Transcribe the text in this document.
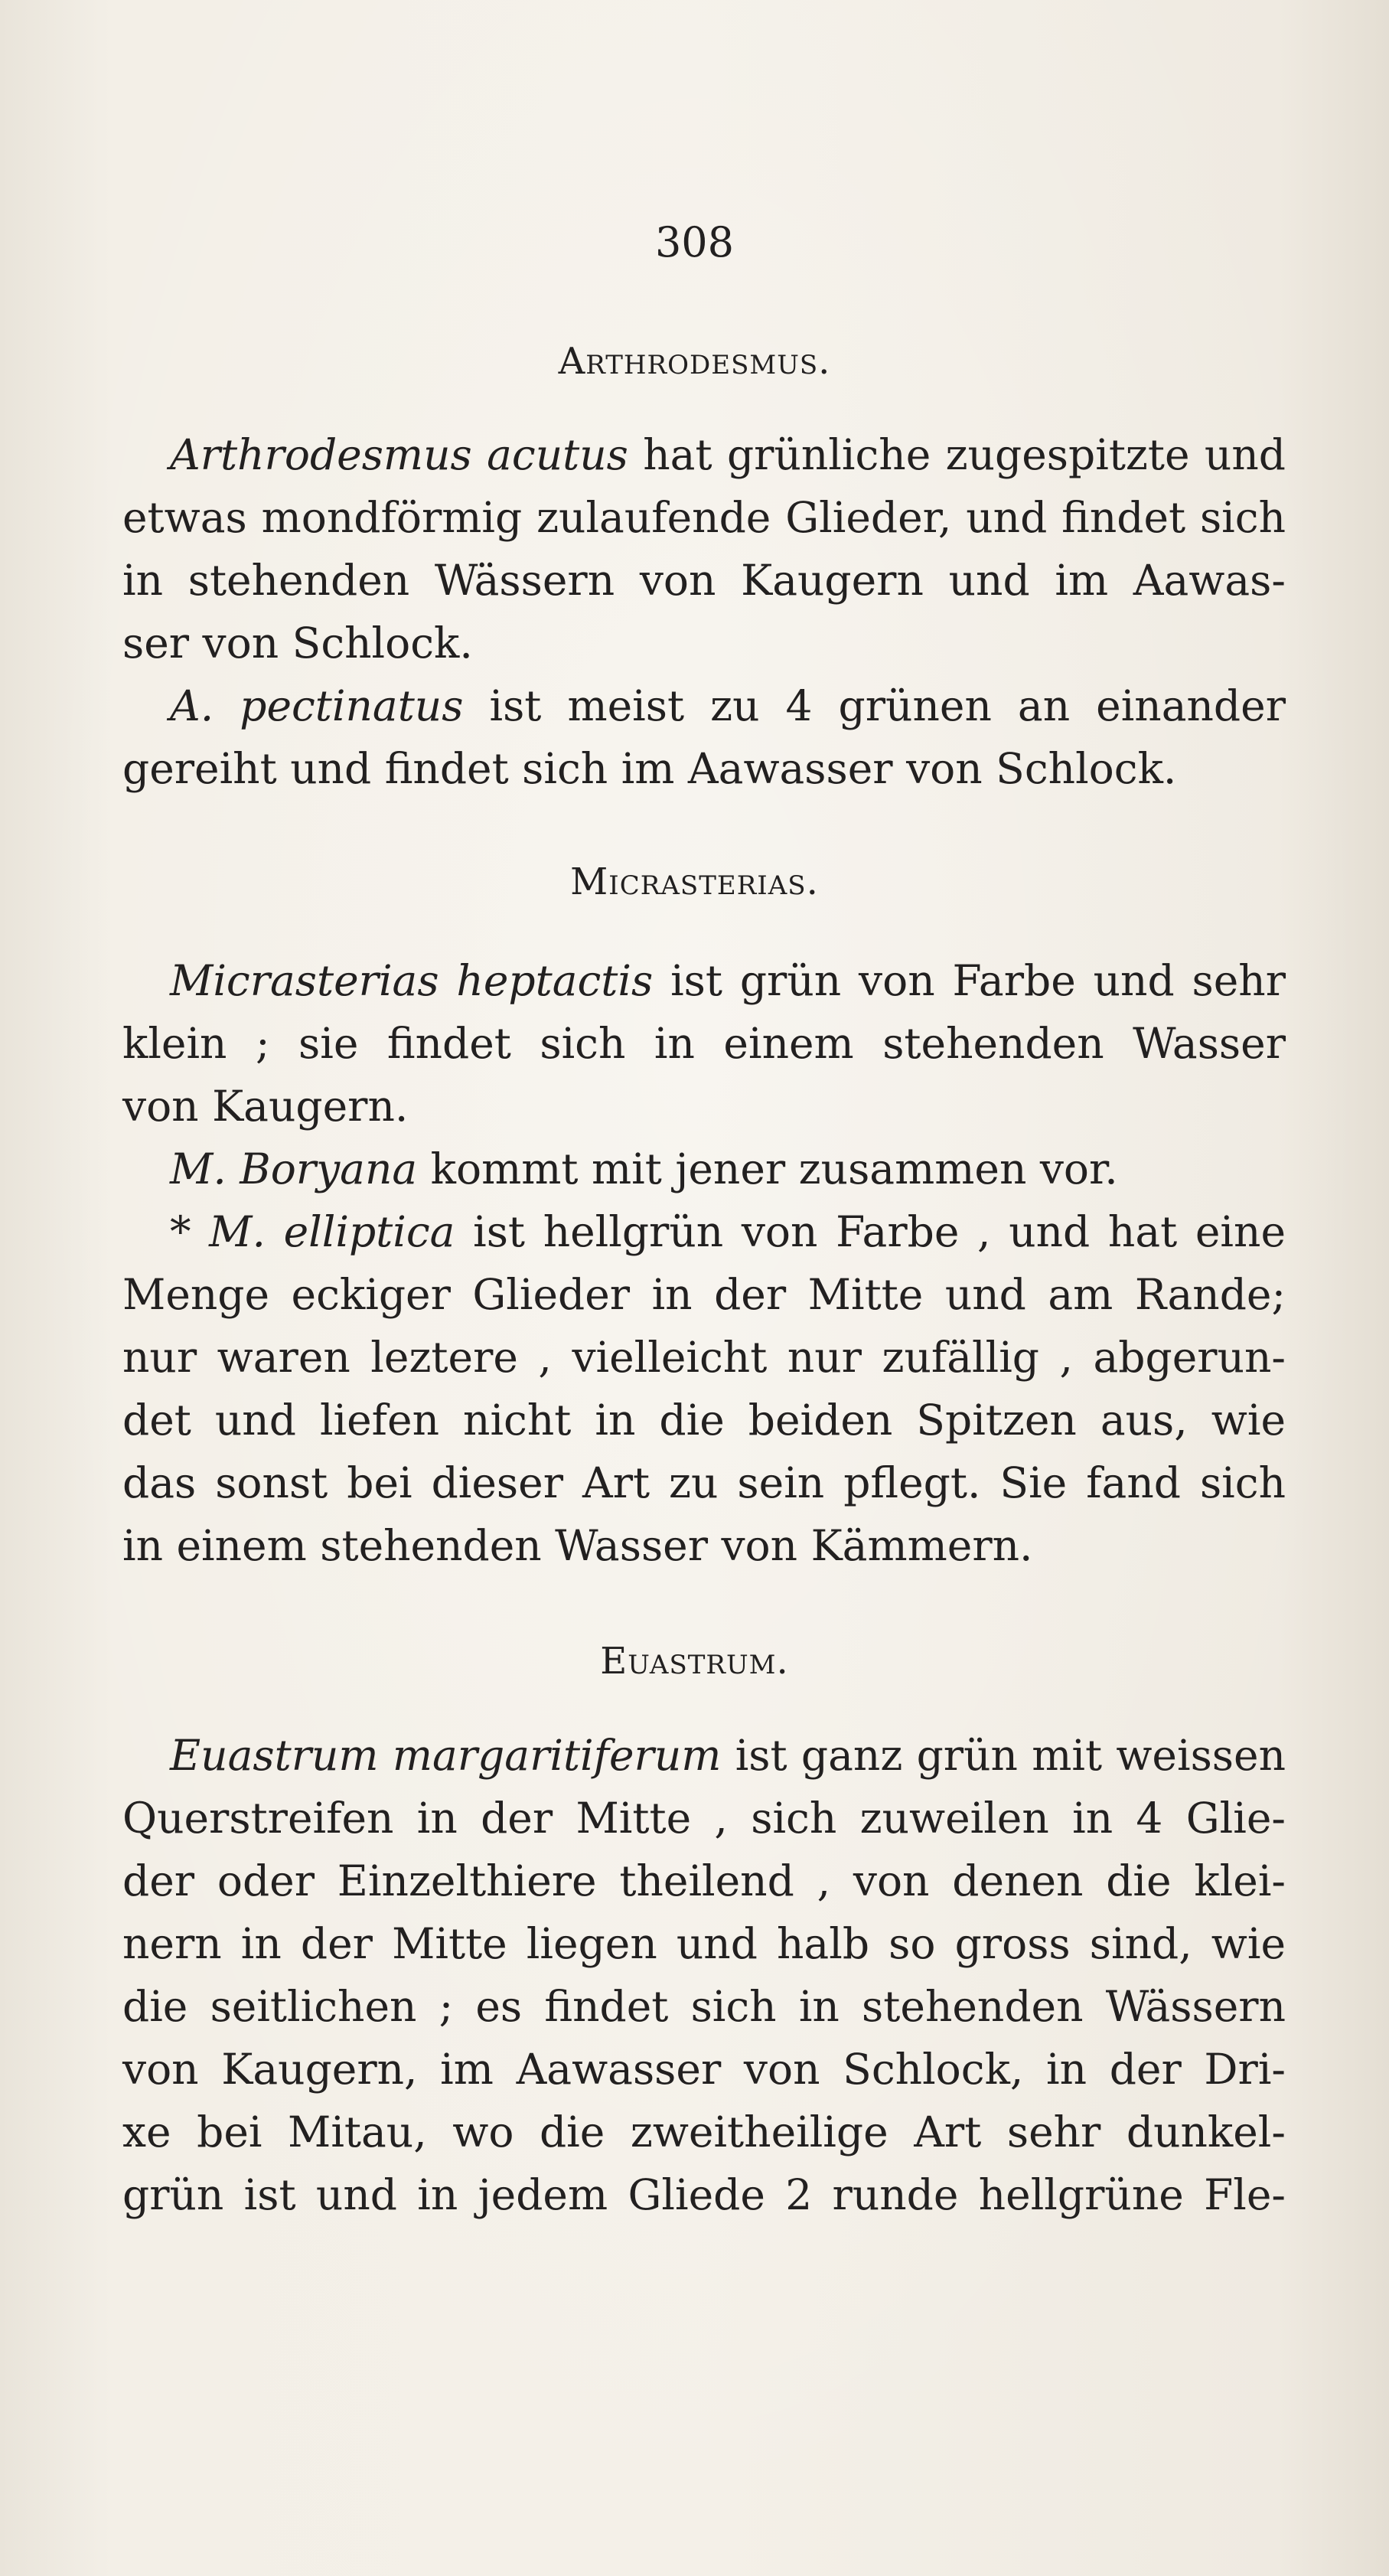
308
Arthrodesmus.
Arthrodesmus acutus hat grünliche zugespitzte und
etwas mondförmig zulaufende Glieder, und findet sich
in stehenden Wässern von Kaugern und im Aawas-
ser von Schlock.
A. pectinatus ist meist zu 4 grünen an einander
gereiht und findet sich im Aawasser von Schlock.
Micrasterias.
Micrasterias heptactis ist grün von Farbe und sehr
klein ; sie findet sich in einem stehenden Wasser
von Kaugern.
M. Boryana kommt mit jener zusammen vor.
* M. elliptica ist hellgrün von Farbe , und hat eine
Menge eckiger Glieder in der Mitte und am Rande;
nur waren leztere , vielleicht nur zufällig , abgerun-
det und liefen nicht in die beiden Spitzen aus, wie
das sonst bei dieser Art zu sein pflegt. Sie fand sich
in einem stehenden Wasser von Kämmern.
Euastrum.
Euastrum margaritiferum ist ganz grün mit weissen
Querstreifen in der Mitte , sich zuweilen in 4 Glie-
der oder Einzelthiere theilend , von denen die klei-
nern in der Mitte liegen und halb so gross sind, wie
die seitlichen ; es findet sich in stehenden Wässern
von Kaugern, im Aawasser von Schlock, in der Dri-
xe bei Mitau, wo die zweitheilige Art sehr dunkel-
grün ist und in jedem Gliede 2 runde hellgrüne Fle-
